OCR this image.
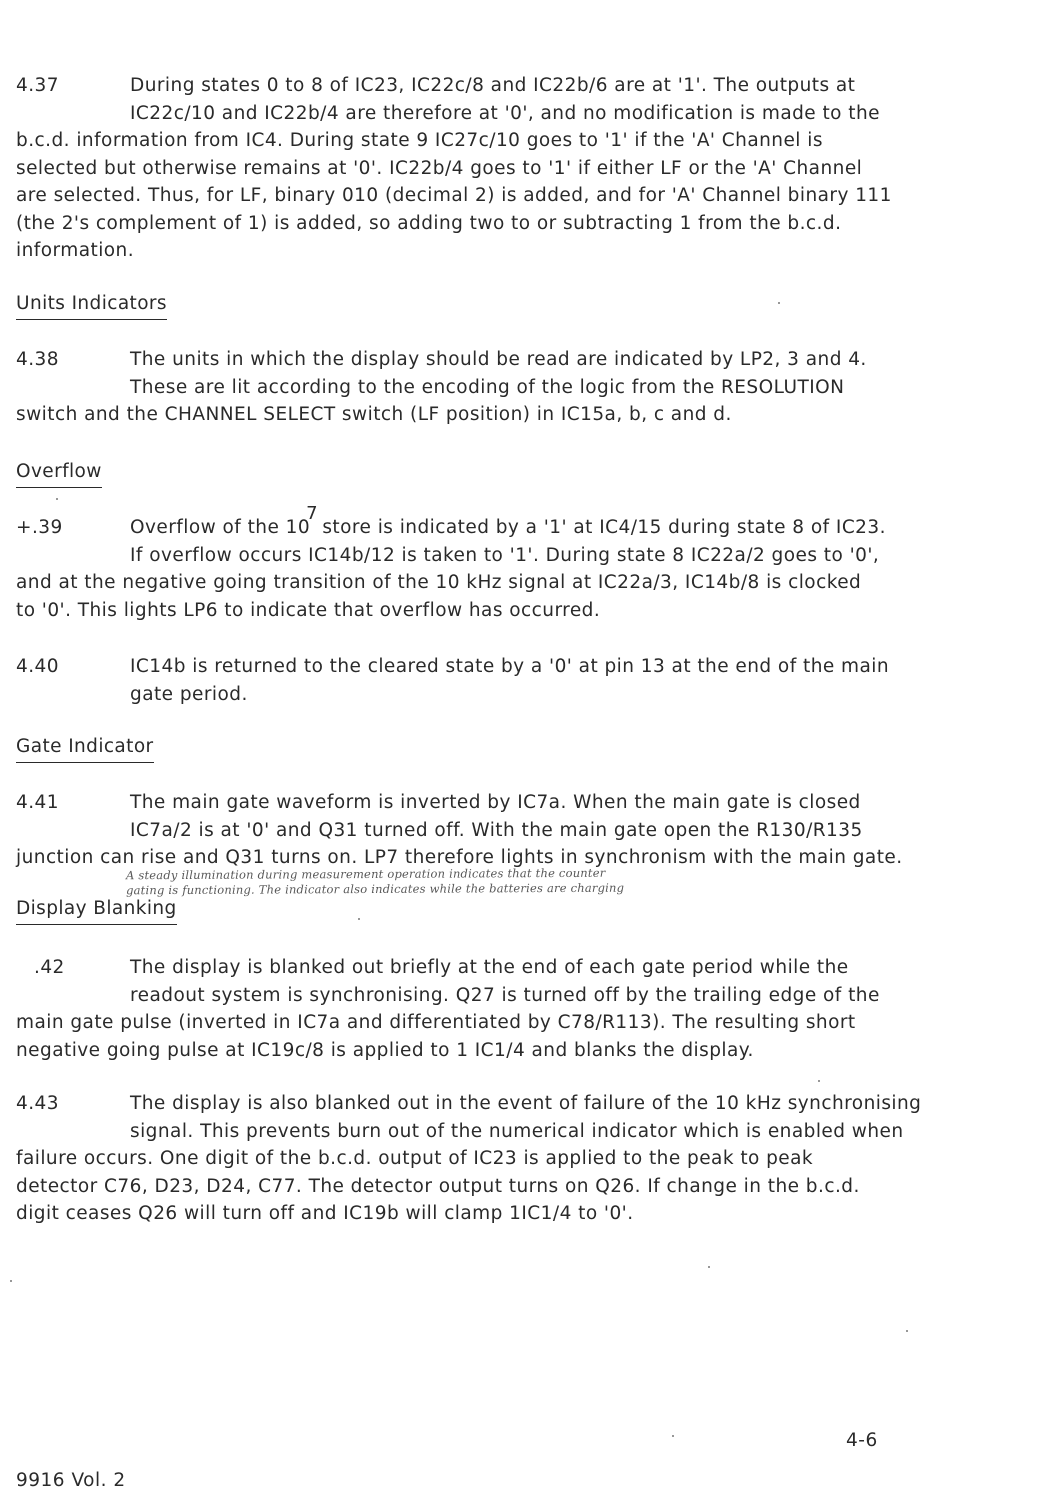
4.37	During states 0 to 8 of IC23, IC22c/8 and IC22b/6 are at '1'. The outputs at
IC22c/10 and IC22b/4 are therefore at '0', and no modification is made to the
b.c.d. information from IC4. During state 9 IC27c/10 goes to '1' if the 'A' Channel is
selected but otherwise remains at '0'. IC22b/4 goes to '1' if either LF or the 'A' Channel
are selected. Thus, for LF, binary 010 (decimal 2) is added, and for 'A' Channel binary 111
(the 2's complement of 1) is added, so adding two to or subtracting 1 from the b.c.d.
information.
Units Indicators
4.38	The units in which the display should be read are indicated by LP2, 3 and 4.
These are lit according to the encoding of the logic from the RESOLUTION
switch and the CHANNEL SELECT switch (LF position) in IC15a, b, c and d.
Overflow
+.39	Overflow of the 107 store is indicated by a '1' at IC4/15 during state 8 of IC23.
If overflow occurs IC14b/12 is taken to '1'. During state 8 IC22a/2 goes to '0',
and at the negative going transition of the 10 kHz signal at IC22a/3, IC14b/8 is clocked
to '0'. This lights LP6 to indicate that overflow has occurred.
4.40	IC14b is returned to the cleared state by a '0' at pin 13 at the end of the main
gate period.
Gate Indicator
4.41	The main gate waveform is inverted by IC7a. When the main gate is closed
IC7a/2 is at '0' and Q31 turned off. With the main gate open the R130/R135
junction can rise and Q31 turns on. LP7 therefore lights in synchronism with the main gate.
A steady illumination during measurement operation indicates that the counter
gating is functioning. The indicator also indicates while the batteries are charging
Display Blanking
.42	The display is blanked out briefly at the end of each gate period while the
readout system is synchronising. Q27 is turned off by the trailing edge of the
main gate pulse (inverted in IC7a and differentiated by C78/R113). The resulting short
negative going pulse at IC19c/8 is applied to 1 IC1/4 and blanks the display.
4.43	The display is also blanked out in the event of failure of the 10 kHz synchronising
signal. This prevents burn out of the numerical indicator which is enabled when
failure occurs. One digit of the b.c.d. output of IC23 is applied to the peak to peak
detector C76, D23, D24, C77. The detector output turns on Q26. If change in the b.c.d.
digit ceases Q26 will turn off and IC19b will clamp 1IC1/4 to '0'.
4-6
9916 Vol. 2
